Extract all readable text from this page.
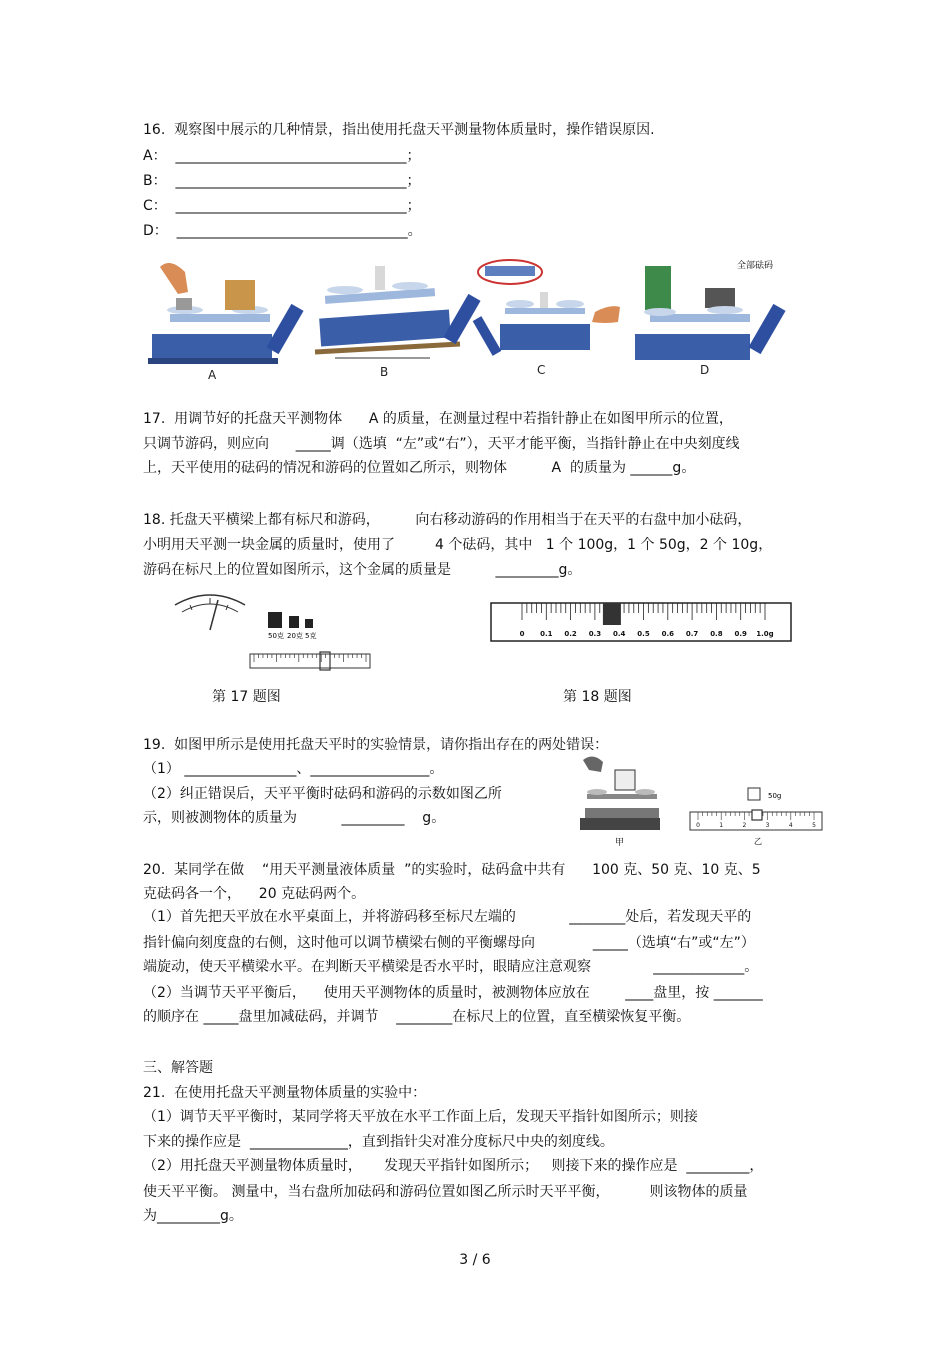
16.  观察图中展示的几种情景，指出使用托盘天平测量物体质量时，操作错误原因.
A：  _________________________________；
B：  _________________________________；
C：  _________________________________；
D：  _________________________________。
全部砝码
A	B	C	D
17.  用调节好的托盘天平测物体      A 的质量，在测量过程中若指针静止在如图甲所示的位置，
只调节游码，则应向      _____调（选填  “左”或“右”），天平才能平衡，当指针静止在中央刻度线
上，天平使用的砝码的情况和游码的位置如乙所示，则物体          A  的质量为 ______g。
18. 托盘天平横梁上都有标尺和游码，        向右移动游码的作用相当于在天平的右盘中加小砝码，
小明用天平测一块金属的质量时，使用了         4 个砝码，其中   1 个 100g，1 个 50g，2 个 10g，
游码在标尺上的位置如图所示，这个金属的质量是          _________g。
50克 20克 5克
第 17 题图
0 0.1 0.2 0.3 0.4 0.5 0.6 0.7 0.8 0.9 1.0g
第 18 题图
19.  如图甲所示是使用托盘天平时的实验情景，请你指出存在的两处错误：
（1） ________________、_________________。
（2）纠正错误后，天平平衡时砝码和游码的示数如图乙所
示，则被测物体的质量为          _________    g。
甲
50g
0	1	2	3	4	5
乙
20.  某同学在做    “用天平测量液体质量  ”的实验时，砝码盒中共有      100 克、50 克、10 克、5
克砝码各一个，    20 克砝码两个。
（1）首先把天平放在水平桌面上，并将游码移至标尺左端的            ________处后，若发现天平的
指针偏向刻度盘的右侧，这时他可以调节横梁右侧的平衡螺母向             _____（选填“右”或“左”）
端旋动，使天平横梁水平。在判断天平横梁是否水平时，眼睛应注意观察              _____________。
（2）当调节天平平衡后，    使用天平测物体的质量时，被测物体应放在        ____盘里，按 _______
的顺序在 _____盘里加减砝码，并调节    ________在标尺上的位置，直至横梁恢复平衡。
三、解答题
21.  在使用托盘天平测量物体质量的实验中：
（1）调节天平平衡时，某同学将天平放在水平工作面上后，发现天平指针如图所示；则接
下来的操作应是  ______________，直到指针尖对准分度标尺中央的刻度线。
（2）用托盘天平测量物体质量时，     发现天平指针如图所示；   则接下来的操作应是  _________，
使天平平衡。 测量中，当右盘所加砝码和游码位置如图乙所示时天平平衡，         则该物体的质量
为_________g。
3 / 6
